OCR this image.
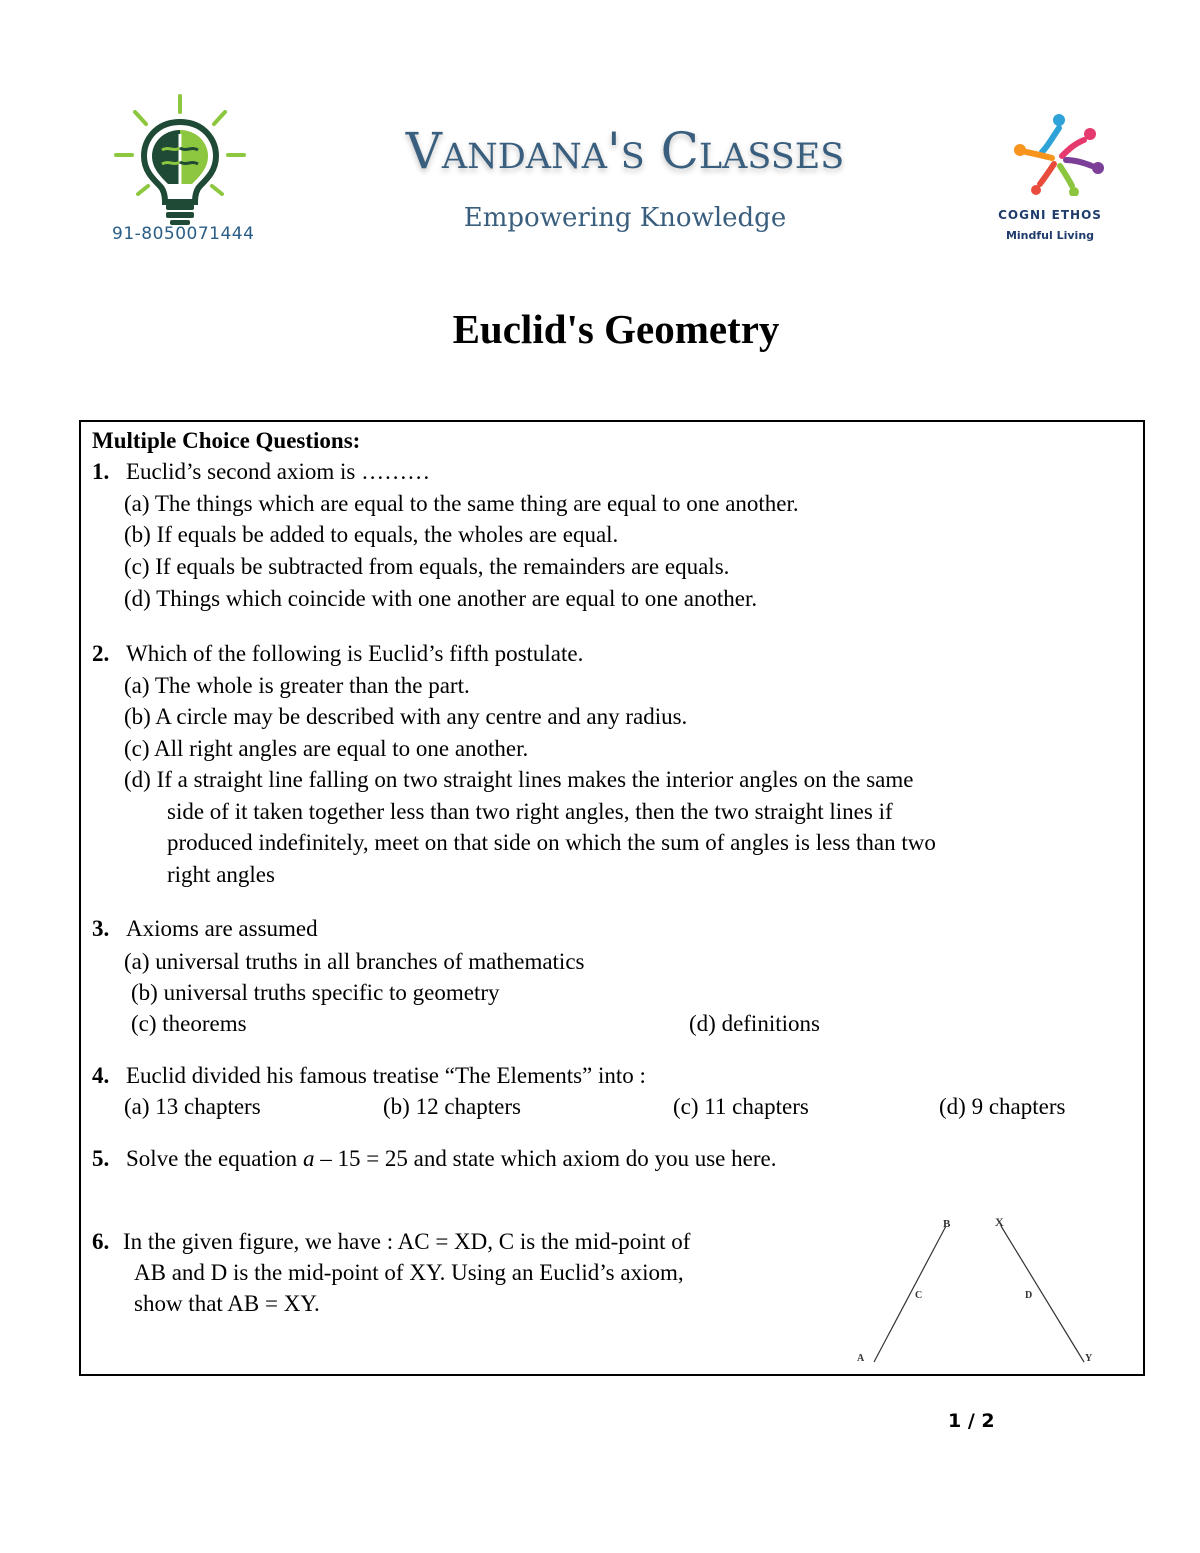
91-8050071444
Vandana's Classes
Empowering Knowledge	COGNI ETHOS
Mindful Living
Euclid's Geometry
Multiple Choice Questions:
1. Euclid’s second axiom is ………
(a) The things which are equal to the same thing are equal to one another.
(b) If equals be added to equals, the wholes are equal.
(c) If equals be subtracted from equals, the remainders are equals.
(d) Things which coincide with one another are equal to one another.
2. Which of the following is Euclid’s fifth postulate.
(a) The whole is greater than the part.
(b) A circle may be described with any centre and any radius.
(c) All right angles are equal to one another.
(d) If a straight line falling on two straight lines makes the interior angles on the same
side of it taken together less than two right angles, then the two straight lines if
produced indefinitely, meet on that side on which the sum of angles is less than two
right angles
3. Axioms are assumed
(a) universal truths in all branches of mathematics
(b) universal truths specific to geometry
(c) theorems	(d) definitions
4. Euclid divided his famous treatise “The Elements” into :
(a) 13 chapters	(b) 12 chapters	(c) 11 chapters	(d) 9 chapters
5. Solve the equation a – 15 = 25 and state which axiom do you use here.
6. In the given figure, we have : AC = XD, C is the mid-point of
AB and D is the mid-point of XY. Using an Euclid’s axiom,
show that AB = XY.
B	X
C	D
A	Y
1 / 2
